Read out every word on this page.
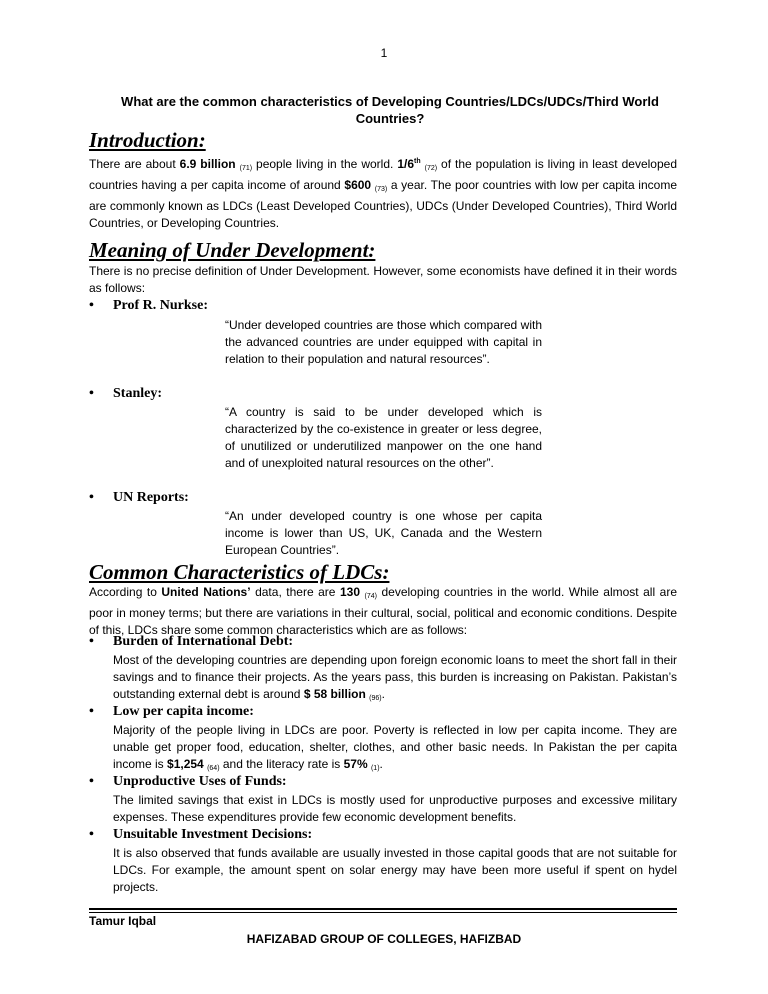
1
What are the common characteristics of Developing Countries/LDCs/UDCs/Third World Countries?
Introduction:
There are about 6.9 billion $_{(71)}$ people living in the world. 1/6th $_{(72)}$ of the population is living in least developed countries having a per capita income of around $600 $_{(73)}$ a year. The poor countries with low per capita income are commonly known as LDCs (Least Developed Countries), UDCs (Under Developed Countries), Third World Countries, or Developing Countries.
Meaning of Under Development:
There is no precise definition of Under Development. However, some economists have defined it in their words as follows:
• Prof R. Nurkse:
“Under developed countries are those which compared with the advanced countries are under equipped with capital in relation to their population and natural resources”.
• Stanley:
“A country is said to be under developed which is characterized by the co-existence in greater or less degree, of unutilized or underutilized manpower on the one hand and of unexploited natural resources on the other”.
• UN Reports:
“An under developed country is one whose per capita income is lower than US, UK, Canada and the Western European Countries”.
Common Characteristics of LDCs:
According to United Nations’ data, there are 130 $_{(74)}$ developing countries in the world. While almost all are poor in money terms; but there are variations in their cultural, social, political and economic conditions. Despite of this, LDCs share some common characteristics which are as follows:
• Burden of International Debt:
Most of the developing countries are depending upon foreign economic loans to meet the short fall in their savings and to finance their projects. As the years pass, this burden is increasing on Pakistan. Pakistan’s outstanding external debt is around $ 58 billion $_{(96)}$.
• Low per capita income:
Majority of the people living in LDCs are poor. Poverty is reflected in low per capita income. They are unable get proper food, education, shelter, clothes, and other basic needs. In Pakistan the per capita income is $1,254 $_{(64)}$ and the literacy rate is 57% $_{(1)}$.
• Unproductive Uses of Funds:
The limited savings that exist in LDCs is mostly used for unproductive purposes and excessive military expenses. These expenditures provide few economic development benefits.
• Unsuitable Investment Decisions:
It is also observed that funds available are usually invested in those capital goods that are not suitable for LDCs. For example, the amount spent on solar energy may have been more useful if spent on hydel projects.
Tamur Iqbal
HAFIZABAD GROUP OF COLLEGES, HAFIZBAD
